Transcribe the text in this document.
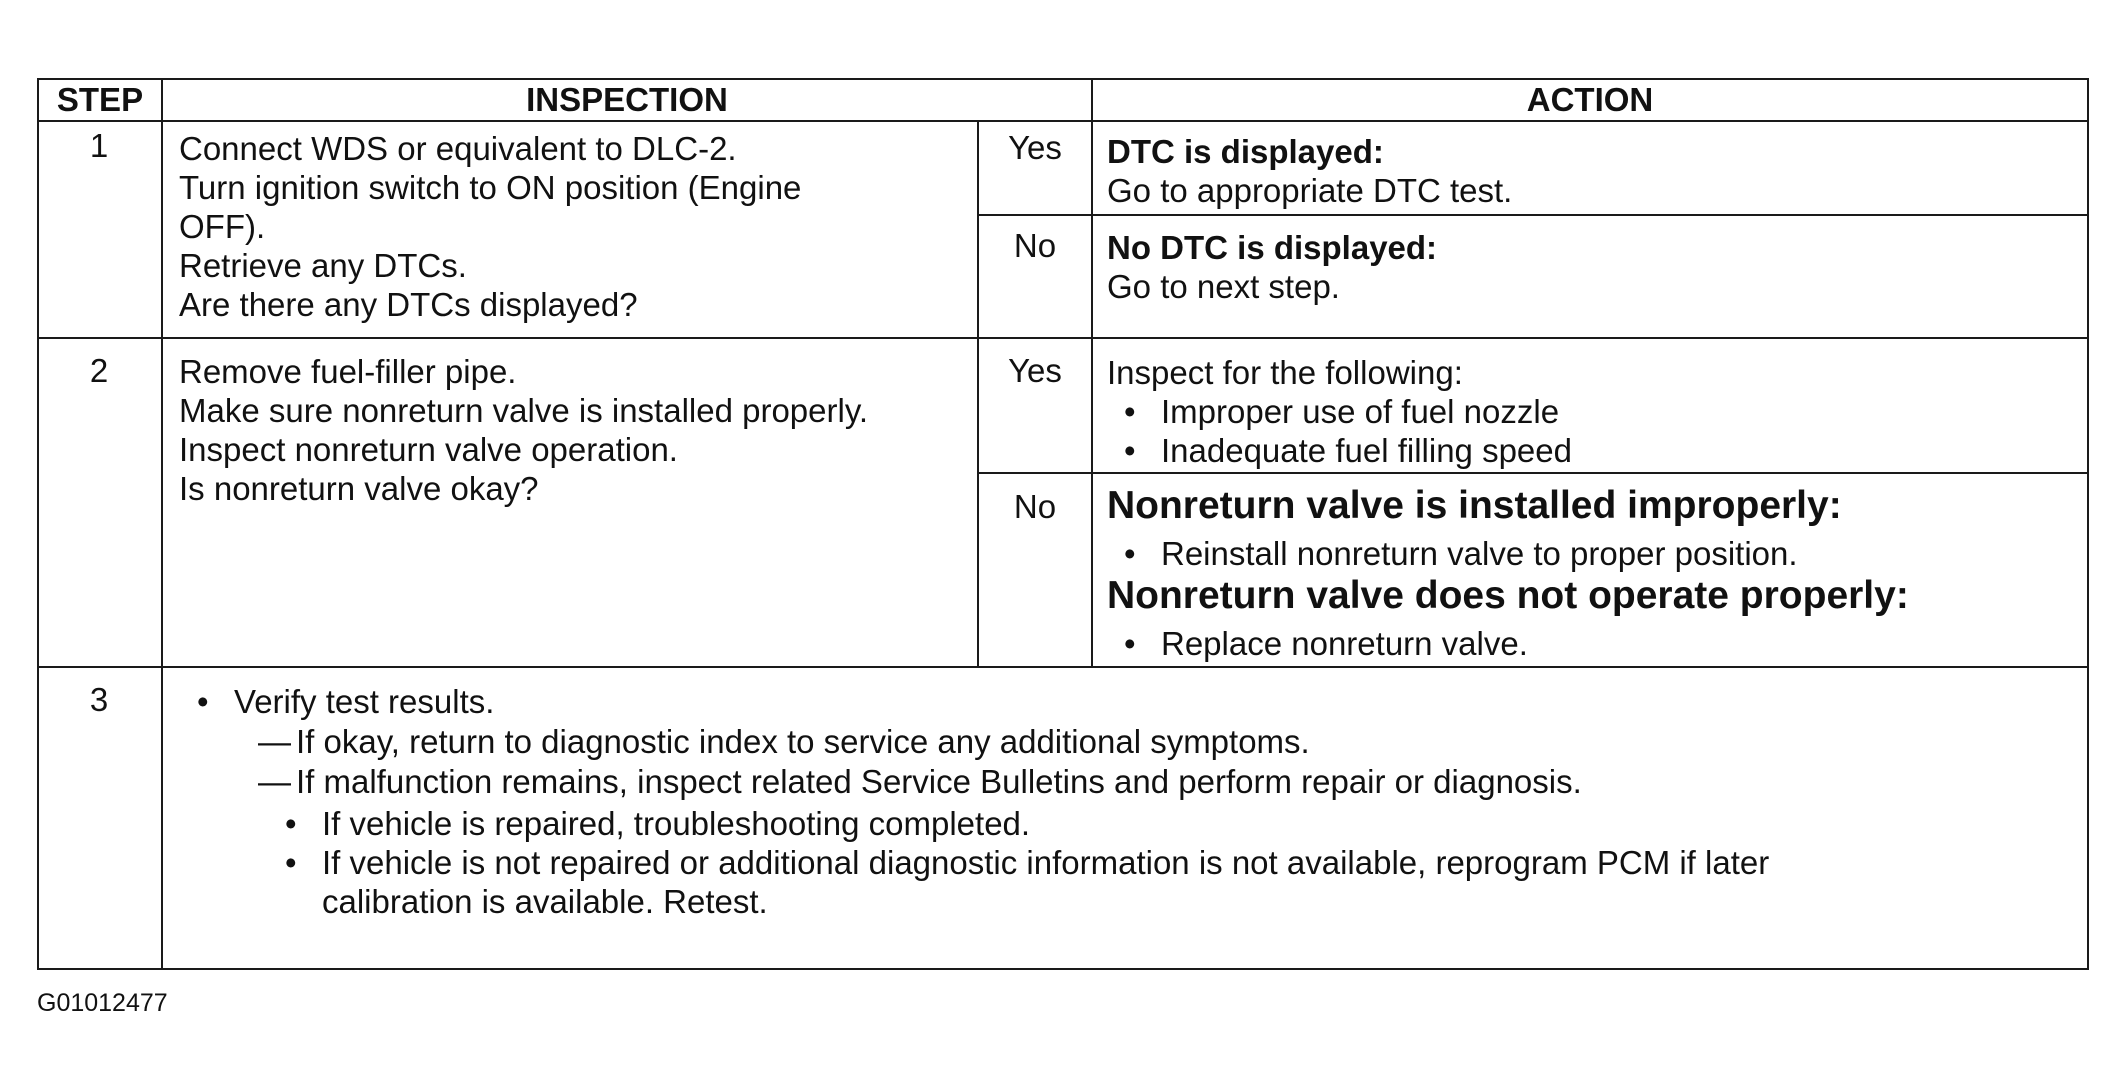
STEP	INSPECTION	ACTION
1	Connect WDS or equivalent to DLC-2.
Turn ignition switch to ON position (Engine
OFF).
Retrieve any DTCs.
Are there any DTCs displayed?
Yes	DTC is displayed:
Go to appropriate DTC test.
No	No DTC is displayed:
Go to next step.
2	Remove fuel-filler pipe.
Make sure nonreturn valve is installed properly.
Inspect nonreturn valve operation.
Is nonreturn valve okay?
Yes	Inspect for the following:
• Improper use of fuel nozzle
• Inadequate fuel filling speed
No	Nonreturn valve is installed improperly:
• Reinstall nonreturn valve to proper position.
Nonreturn valve does not operate properly:
• Replace nonreturn valve.
3
•	Verify test results.
— If okay, return to diagnostic index to service any additional symptoms.
— If malfunction remains, inspect related Service Bulletins and perform repair or diagnosis.
• If vehicle is repaired, troubleshooting completed.
• If vehicle is not repaired or additional diagnostic information is not available, reprogram PCM if later
calibration is available. Retest.
G01012477
